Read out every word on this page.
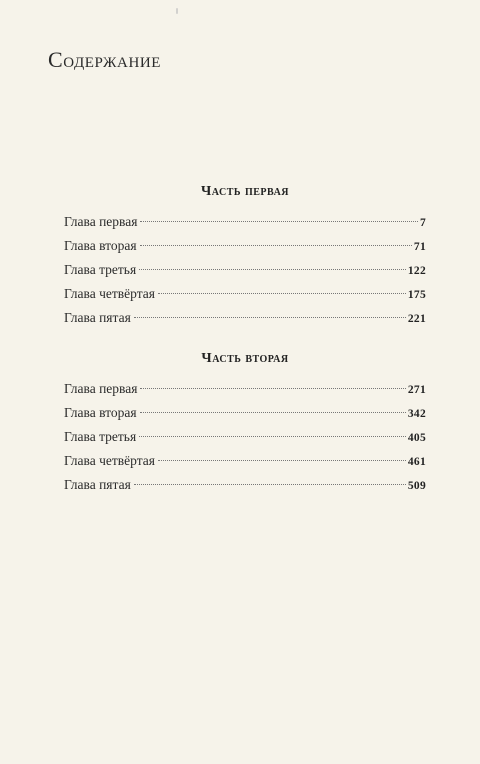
Содержание
Часть первая
Глава первая	7
Глава вторая	71
Глава третья	122
Глава четвёртая	175
Глава пятая	221
Часть вторая
Глава первая	271
Глава вторая	342
Глава третья	405
Глава четвёртая	461
Глава пятая	509
